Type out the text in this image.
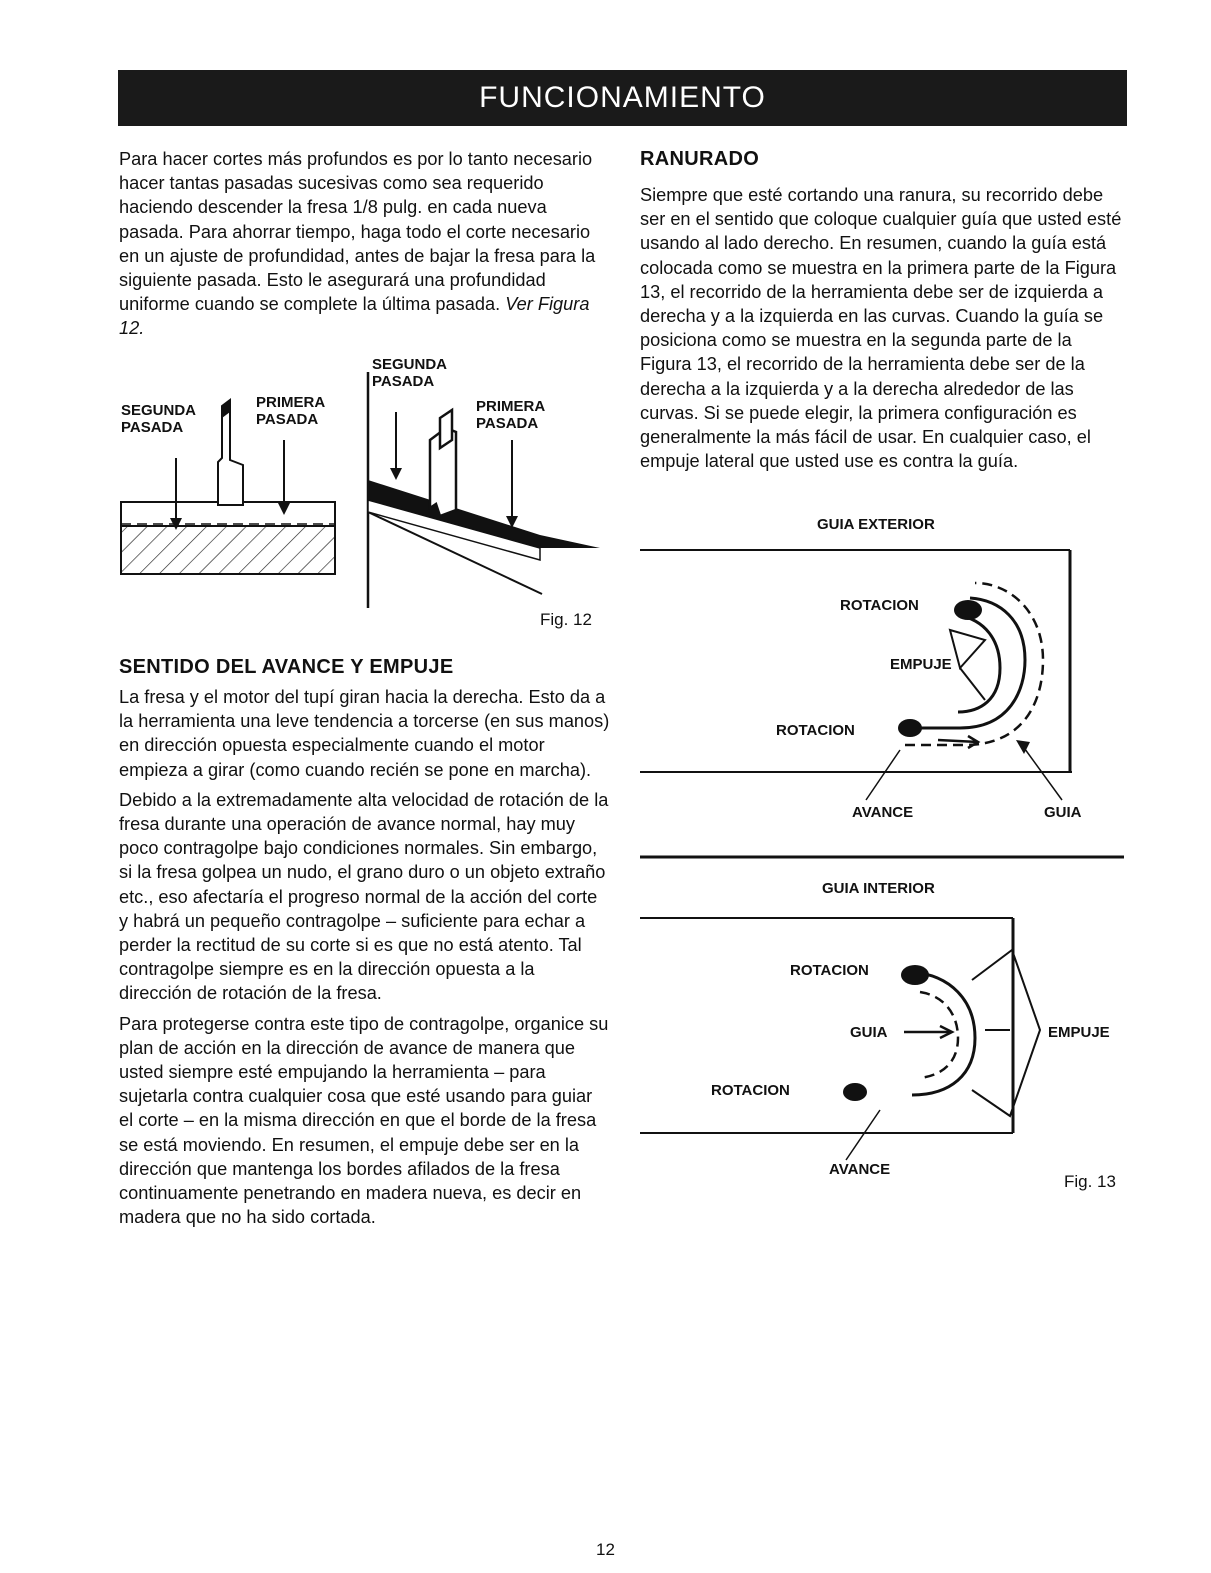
FUNCIONAMIENTO

Para hacer cortes más profundos es por lo tanto necesario hacer tantas pasadas sucesivas como sea requerido haciendo descender la fresa 1/8 pulg. en cada nueva pasada. Para ahorrar tiempo, haga todo el corte necesario en un ajuste de profundidad, antes de bajar la fresa para la siguiente pasada. Esto le asegurará una profundidad uniforme cuando se complete la última pasada. Ver Figura 12.

SEGUNDA
PASADA
PRIMERA
PASADA
SEGUNDA
PASADA
PRIMERA
PASADA
Fig. 12
SENTIDO DEL AVANCE Y EMPUJE

La fresa y el motor del tupí giran hacia la derecha. Esto da a la herramienta una leve tendencia a torcerse (en sus manos) en dirección opuesta especialmente cuando el motor empieza a girar (como cuando recién se pone en marcha).

Debido a la extremadamente alta velocidad de rotación de la fresa durante una operación de avance normal, hay muy poco contragolpe bajo condiciones normales. Sin embargo, si la fresa golpea un nudo, el grano duro o un objeto extraño etc., eso afectaría el progreso normal de la acción del corte y habrá un pequeño contragolpe – suficiente para echar a perder la rectitud de su corte si es que no está atento. Tal contragolpe siempre es en la dirección opuesta a la dirección de rotación de la fresa.

Para protegerse contra este tipo de contragolpe, organice su plan de acción en la dirección de avance de manera que usted siempre esté empujando la herramienta – para sujetarla contra cualquier cosa que esté usando para guiar el corte – en la misma dirección en que el borde de la fresa se está moviendo. En resumen, el empuje debe ser en la dirección que mantenga los bordes afilados de la fresa continuamente penetrando en madera nueva, es decir en madera que no ha sido cortada.

RANURADO

Siempre que esté cortando una ranura, su recorrido debe ser en el sentido que coloque cualquier guía que usted esté usando al lado derecho. En resumen, cuando la guía está colocada como se muestra en la primera parte de la Figura 13, el recorrido de la herramienta debe ser de izquierda a derecha y a la izquierda en las curvas. Cuando la guía se posiciona como se muestra en la segunda parte de la Figura 13, el recorrido de la herramienta debe ser de la derecha a la izquierda y a la derecha alrededor de las curvas. Si se puede elegir, la primera configuración es generalmente la más fácil de usar. En cualquier caso, el empuje lateral que usted use es contra la guía.

GUIA EXTERIOR
ROTACION
EMPUJE
ROTACION
AVANCE	GUIA
GUIA INTERIOR
ROTACION
GUIA	EMPUJE
ROTACION
AVANCE
Fig. 13
12
